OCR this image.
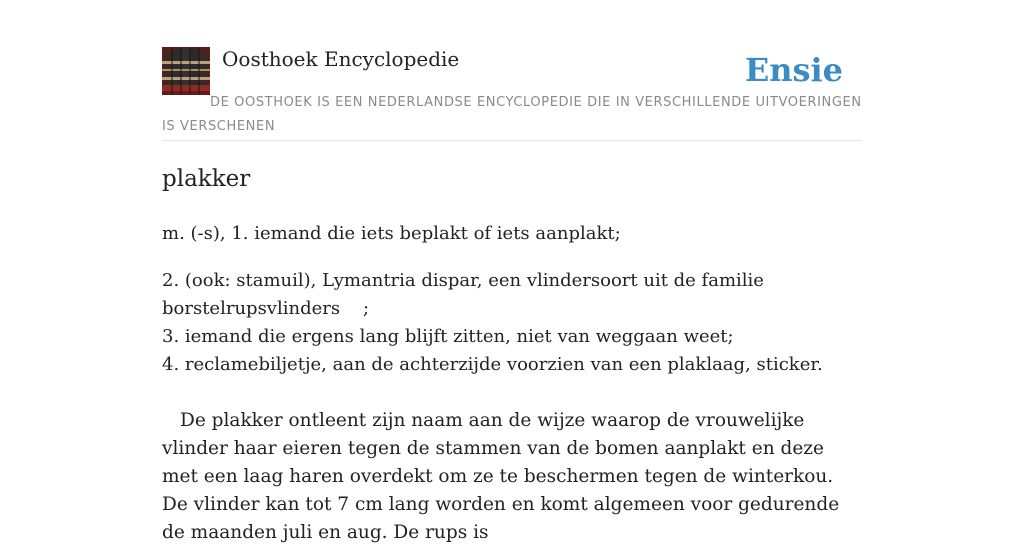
Oosthoek Encyclopedie	Ensie
DE OOSTHOEK IS EEN NEDERLANDSE ENCYCLOPEDIE DIE IN VERSCHILLENDE UITVOERINGEN IS VERSCHENEN
plakker

m. (-s), 1. iemand die iets beplakt of iets aanplakt;

2. (ook: stamuil), Lymantria dispar, een vlindersoort uit de familie borstelrupsvlinders    ;

3. iemand die ergens lang blijft zitten, niet van weggaan weet;

4. reclamebiljetje, aan de achterzijde voorzien van een plaklaag, sticker.

De plakker ontleent zijn naam aan de wijze waarop de vrouwelijke vlinder haar eieren tegen de stammen van de bomen aanplakt en deze met een laag haren overdekt om ze te beschermen tegen de winterkou. De vlinder kan tot 7 cm lang worden en komt algemeen voor gedurende de maanden juli en aug. De rups is
